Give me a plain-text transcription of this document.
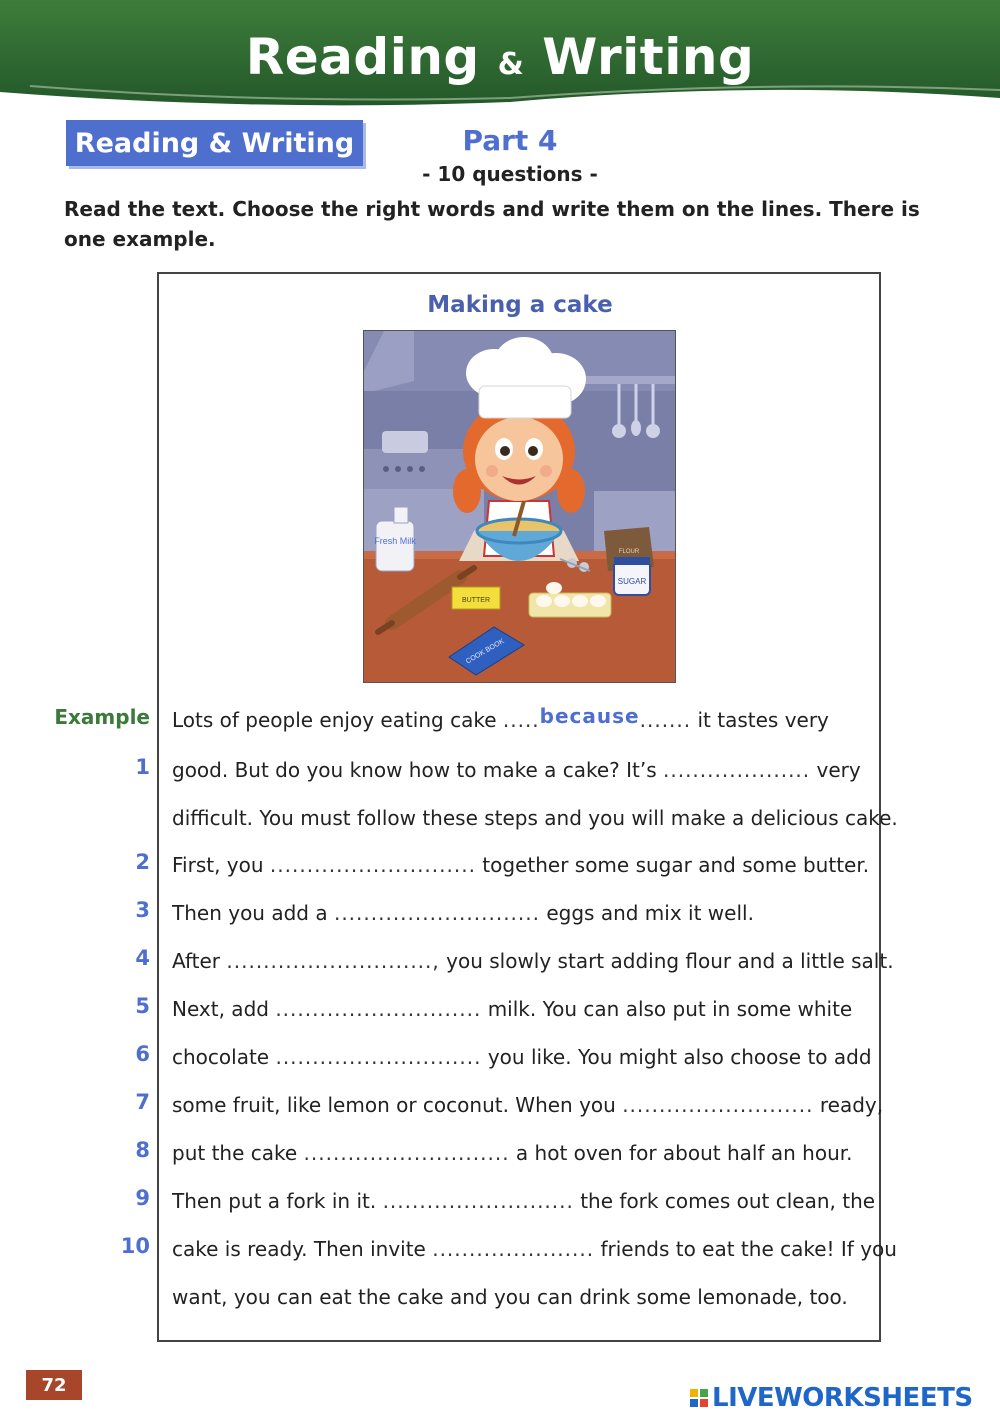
Reading & Writing
Reading & Writing	Part 4
- 10 questions -
Read the text. Choose the right words and write them on the lines. There is one example.
Making a cake
Fresh Milk
BUTTER
FLOUR
SUGAR
COOK BOOK
Example
1
2
3
4
5
6
7
8
9
10
Lots of people enjoy eating cake .....because....... it tastes very
good. But do you know how to make a cake? It’s .................... very
difficult. You must follow these steps and you will make a delicious cake.
First, you ............................ together some sugar and some butter.
Then you add a ............................ eggs and mix it well.
After ............................, you slowly start adding flour and a little salt.
Next, add ............................ milk. You can also put in some white
chocolate ............................ you like. You might also choose to add
some fruit, like lemon or coconut. When you .......................... ready,
put the cake ............................ a hot oven for about half an hour.
Then put a fork in it. .......................... the fork comes out clean, the
cake is ready. Then invite ...................... friends to eat the cake! If you
want, you can eat the cake and you can drink some lemonade, too.
72	LIVEWORKSHEETS
